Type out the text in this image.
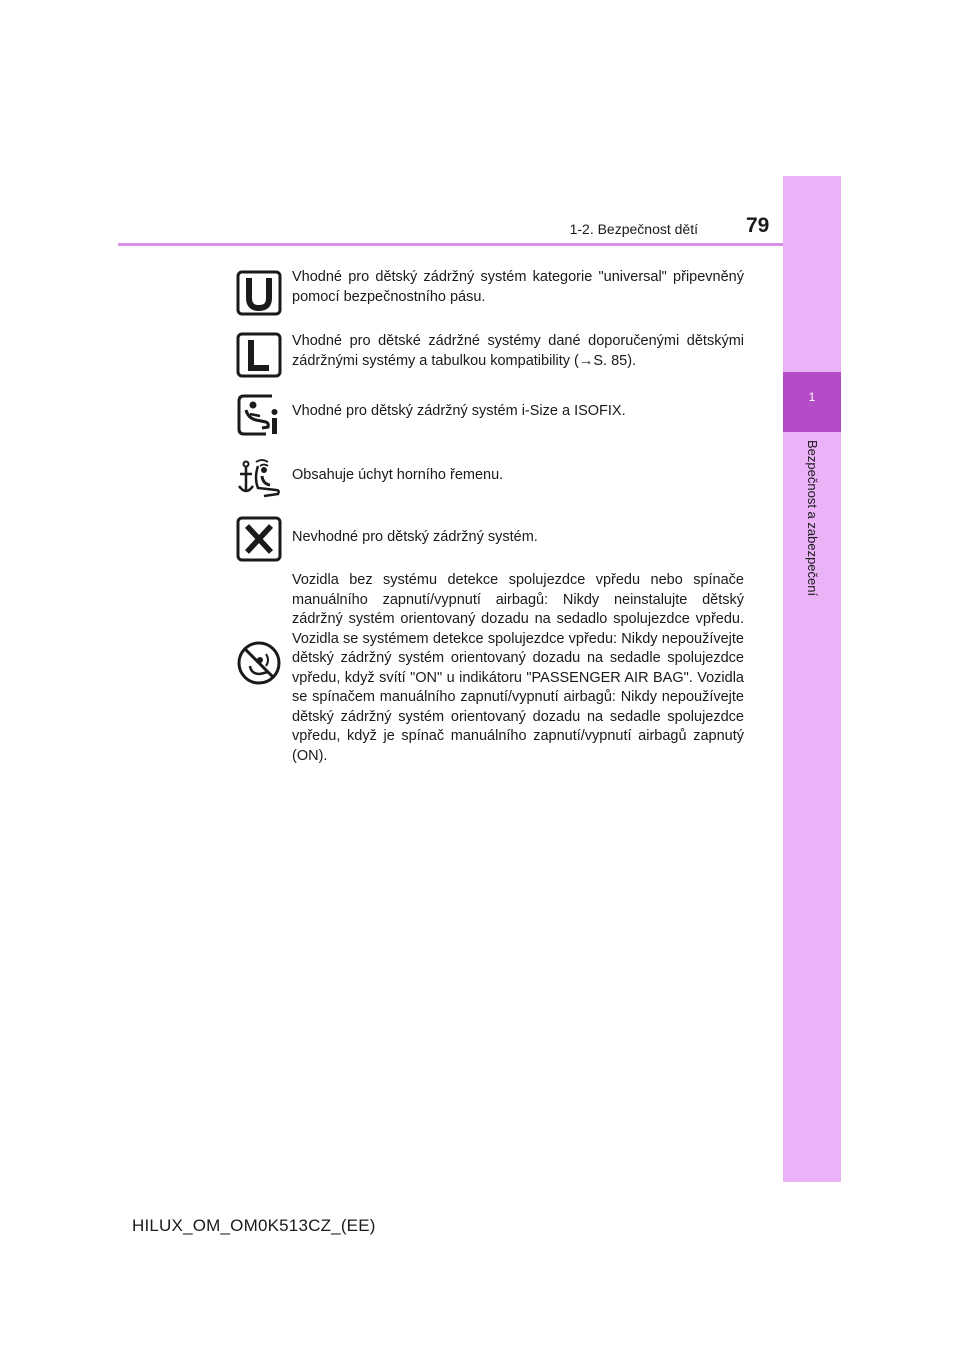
1
Bezpečnost a zabezpečení
1-2. Bezpečnost dětí 79
Vhodné pro dětský zádržný systém kategorie "universal" připevněný pomocí bezpečnostního pásu.
Vhodné pro dětské zádržné systémy dané doporučenými dětskými zádržnými systémy a tabulkou kompatibility (→S. 85).
Vhodné pro dětský zádržný systém i-Size a ISOFIX.
Obsahuje úchyt horního řemenu.
Nevhodné pro dětský zádržný systém.
Vozidla bez systému detekce spolujezdce vpředu nebo spínače manuálního zapnutí/vypnutí airbagů: Nikdy neinstalujte dětský zádržný systém orientovaný dozadu na sedadlo spolujezdce vpředu. Vozidla se systémem detekce spolujezdce vpředu: Nikdy nepoužívejte dětský zádržný systém orientovaný dozadu na sedadle spolujezdce vpředu, když svítí "ON" u indikátoru "PASSENGER AIR BAG". Vozidla se spínačem manuálního zapnutí/vypnutí airbagů: Nikdy nepoužívejte dětský zádržný systém orientovaný dozadu na sedadle spolujezdce vpředu, když je spínač manuálního zapnutí/vypnutí airbagů zapnutý (ON).
HILUX_OM_OM0K513CZ_(EE)
